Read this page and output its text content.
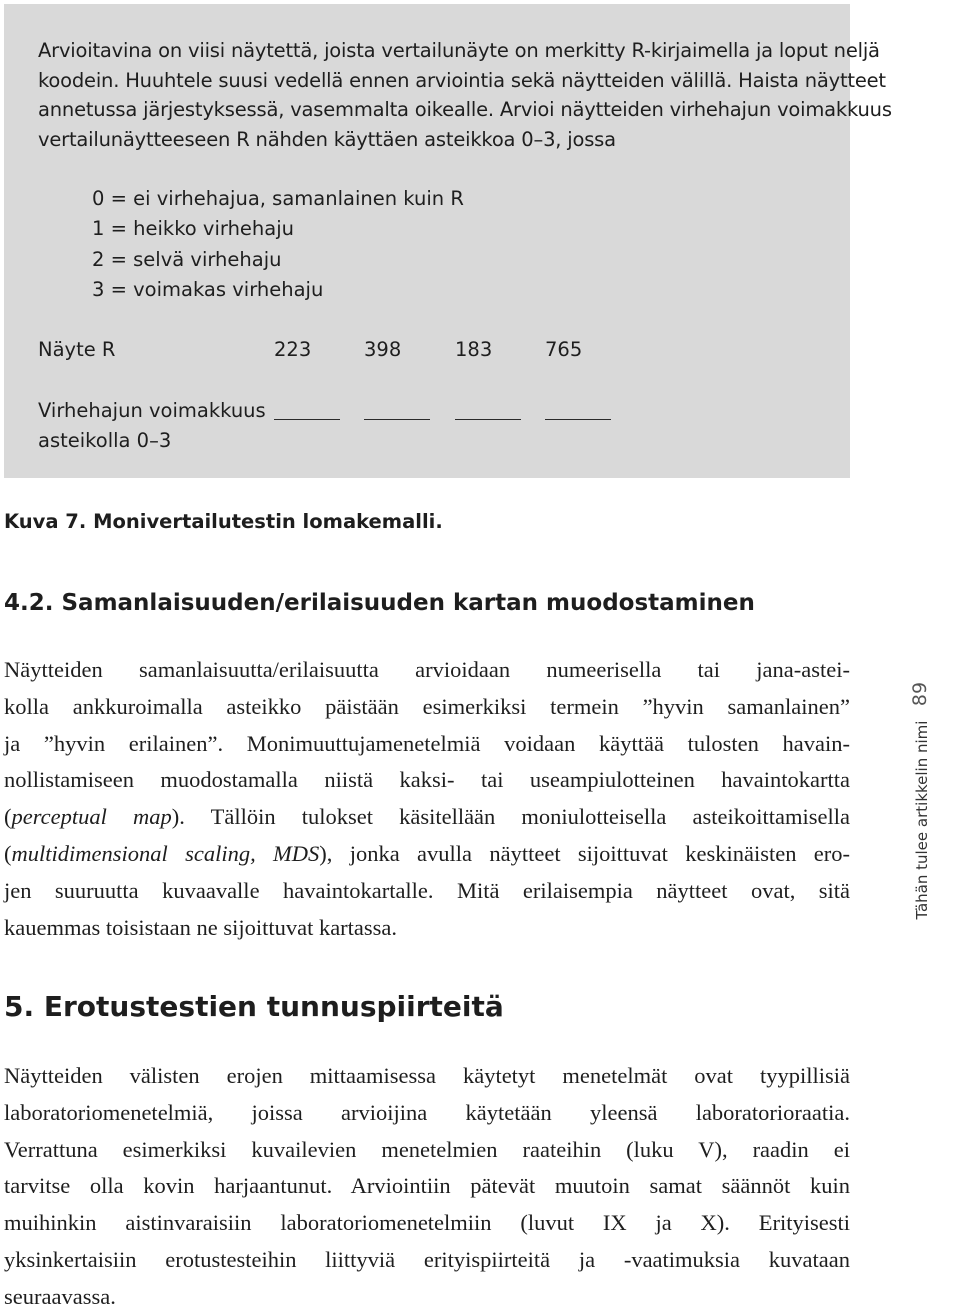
Arvioitavina on viisi näytettä, joista vertailunäyte on merkitty R-kirjaimella ja loput neljä

koodein. Huuhtele suusi vedellä ennen arviointia sekä näytteiden välillä. Haista näytteet

annetussa järjestyksessä, vasemmalta oikealle. Arvioi näytteiden virhehajun voimakkuus

vertailunäytteeseen R nähden käyttäen asteikkoa 0–3, jossa

0 = ei virhehajua, samanlainen kuin R
1 = heikko virhehaju
2 = selvä virhehaju
3 = voimakas virhehaju
Näyte R	223	398	183	765
Virhehajun voimakkuus
asteikolla 0–3
Kuva 7. Monivertailutestin lomakemalli.
4.2. Samanlaisuuden/erilaisuuden kartan muodostaminen
Näytteiden samanlaisuutta/erilaisuutta arvioidaan numeerisella tai jana-astei-
kolla ankkuroimalla asteikko päistään esimerkiksi termein ”hyvin samanlainen”
ja ”hyvin erilainen”. Monimuuttujamenetelmiä voidaan käyttää tulosten havain-
nollistamiseen muodostamalla niistä kaksi- tai useampiulotteinen havaintokartta
(perceptual map). Tällöin tulokset käsitellään moniulotteisella asteikoittamisella
(multidimensional scaling, MDS), jonka avulla näytteet sijoittuvat keskinäisten ero-
jen suuruutta kuvaavalle havaintokartalle. Mitä erilaisempia näytteet ovat, sitä
kauemmas toisistaan ne sijoittuvat kartassa.
5. Erotustestien tunnuspiirteitä
Näytteiden välisten erojen mittaamisessa käytetyt menetelmät ovat tyypillisiä
laboratoriomenetelmiä, joissa arvioijina käytetään yleensä laboratorioraatia.
Verrattuna esimerkiksi kuvailevien menetelmien raateihin (luku V), raadin ei
tarvitse olla kovin harjaantunut. Arviointiin pätevät muutoin samat säännöt kuin
muihinkin aistinvaraisiin laboratoriomenetelmiin (luvut IX ja X). Erityisesti
yksinkertaisiin erotustesteihin liittyviä erityispiirteitä ja -vaatimuksia kuvataan
seuraavassa.
89
Tähän tulee artikkelin nimi
